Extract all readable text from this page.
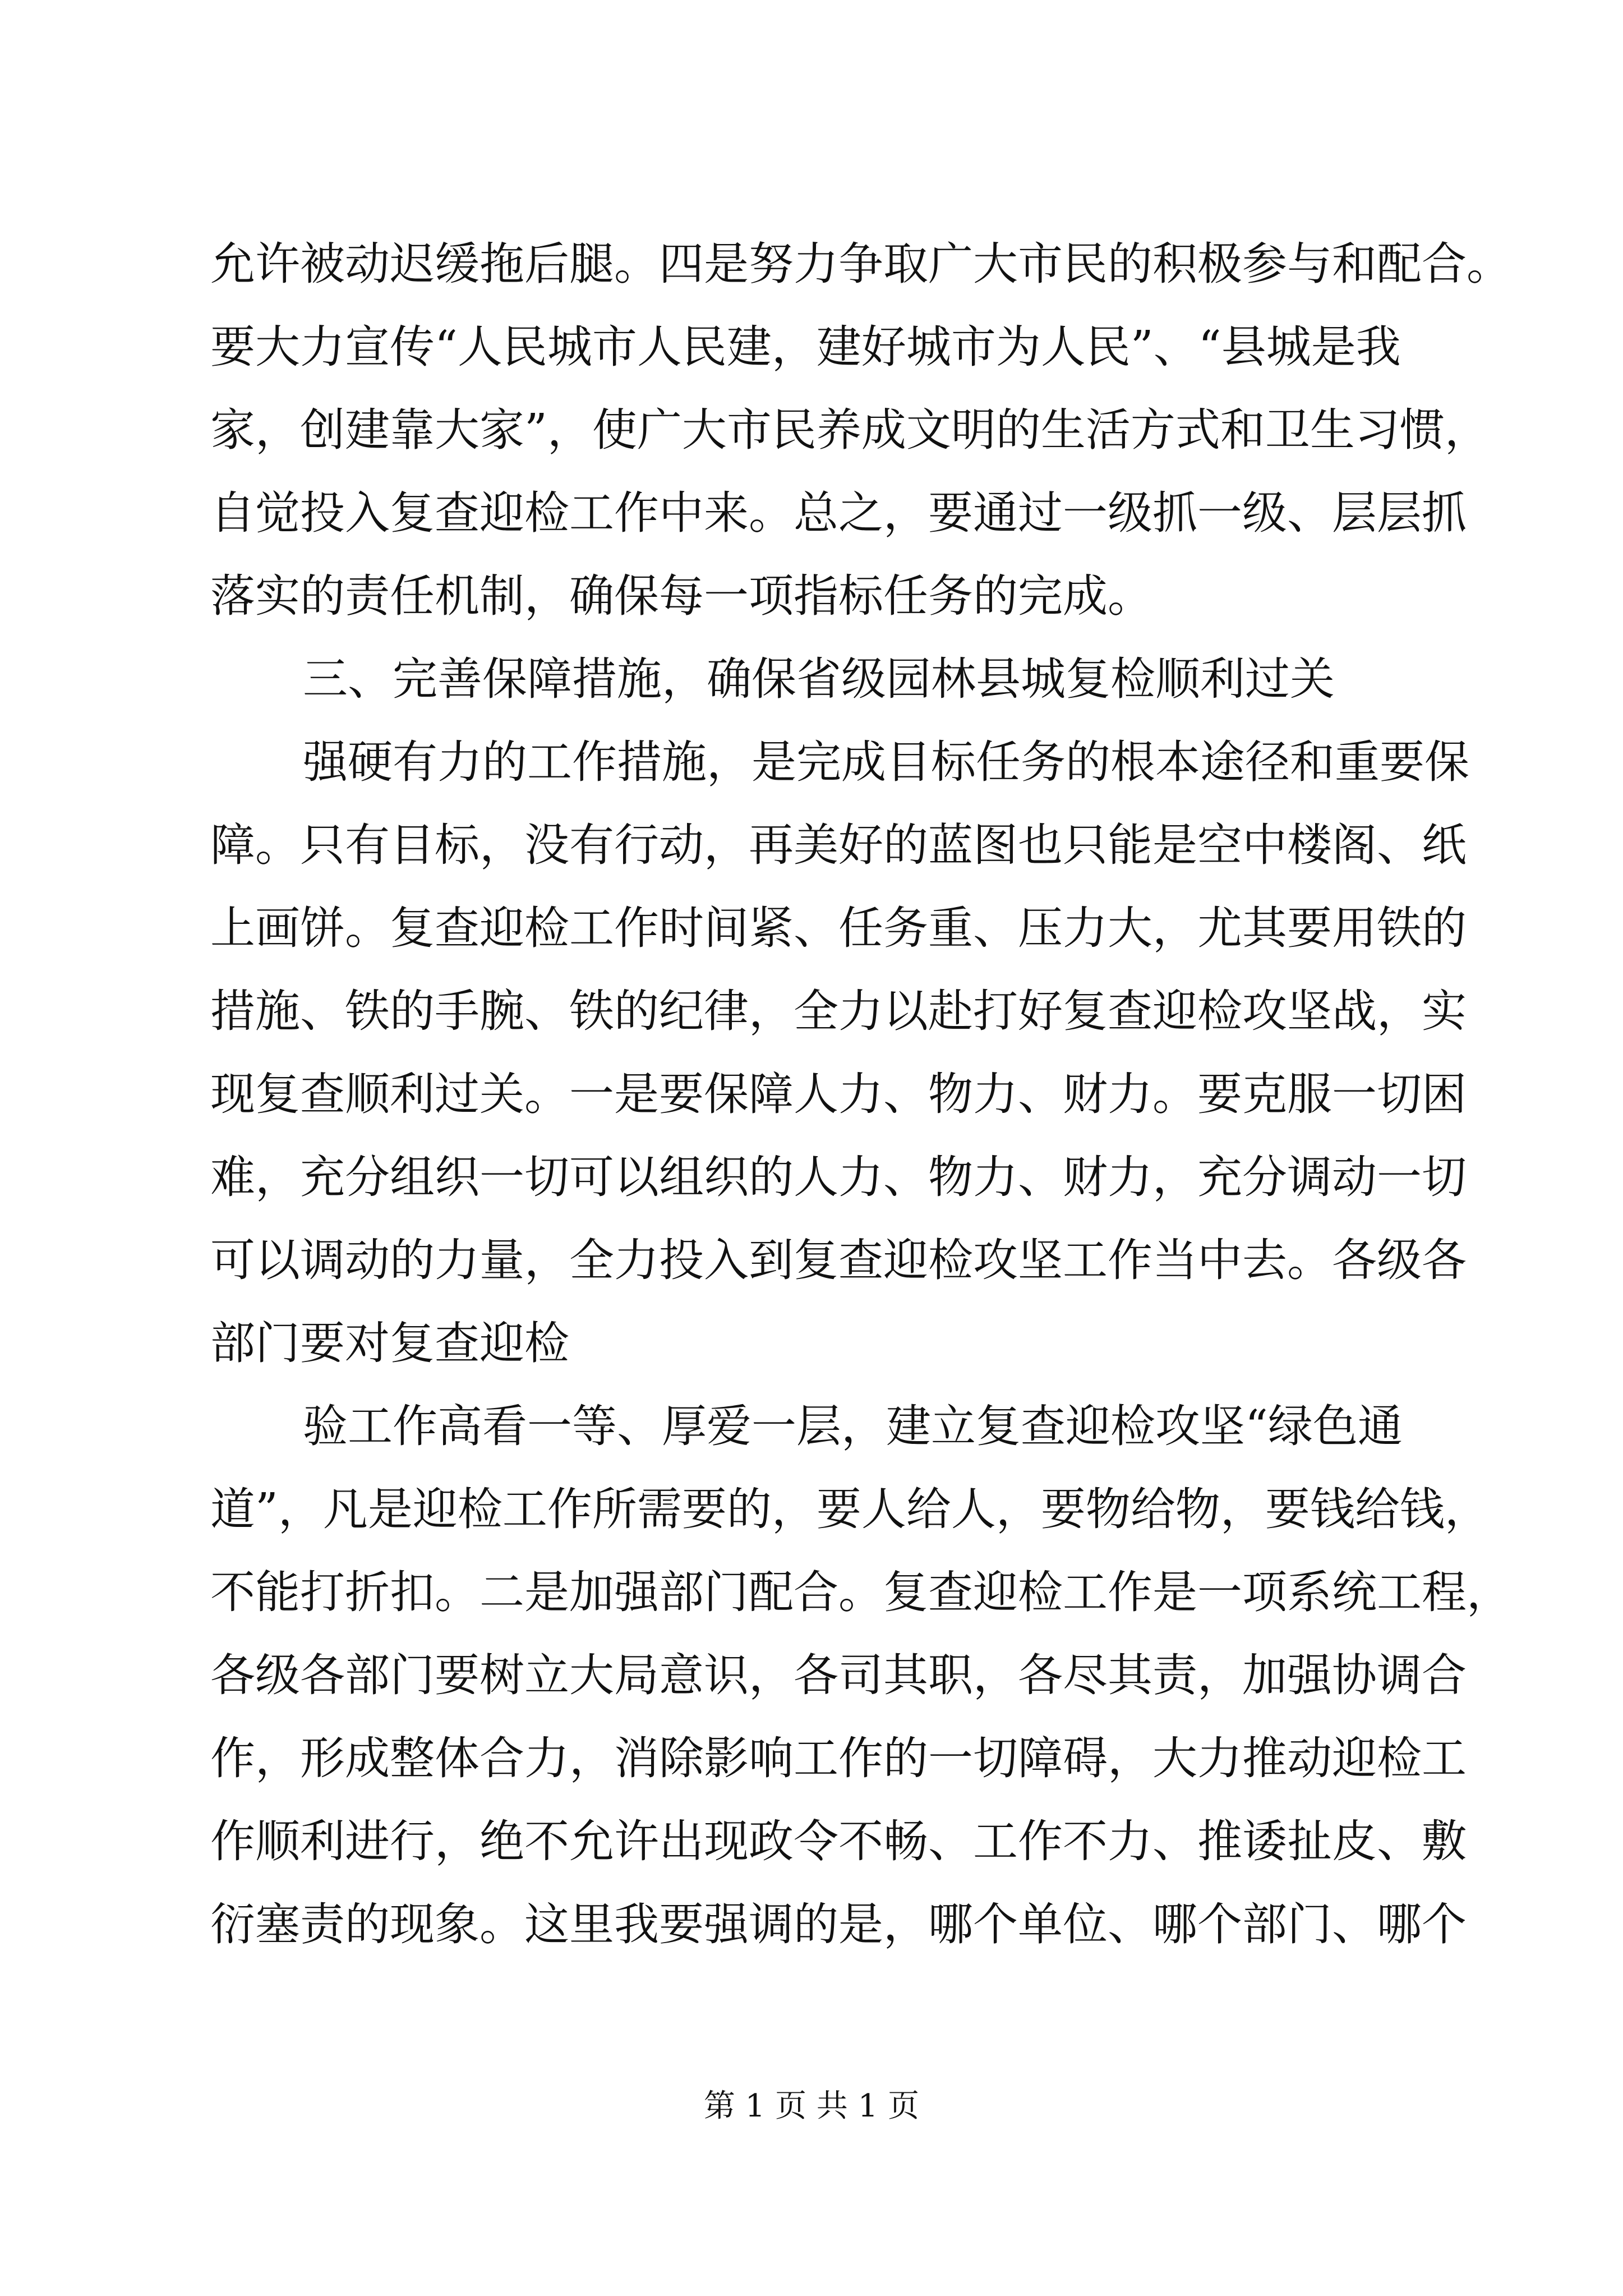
允许被动迟缓拖后腿。四是努力争取广大市民的积极参与和配合。
要大力宣传“人民城市人民建，建好城市为人民”、“县城是我
家，创建靠大家”，使广大市民养成文明的生活方式和卫生习惯，
自觉投入复查迎检工作中来。总之，要通过一级抓一级、层层抓
落实的责任机制，确保每一项指标任务的完成。
三、完善保障措施，确保省级园林县城复检顺利过关
强硬有力的工作措施，是完成目标任务的根本途径和重要保
障。只有目标，没有行动，再美好的蓝图也只能是空中楼阁、纸
上画饼。复查迎检工作时间紧、任务重、压力大，尤其要用铁的
措施、铁的手腕、铁的纪律，全力以赴打好复查迎检攻坚战，实
现复查顺利过关。一是要保障人力、物力、财力。要克服一切困
难，充分组织一切可以组织的人力、物力、财力，充分调动一切
可以调动的力量，全力投入到复查迎检攻坚工作当中去。各级各
部门要对复查迎检
验工作高看一等、厚爱一层，建立复查迎检攻坚“绿色通
道”，凡是迎检工作所需要的，要人给人，要物给物，要钱给钱，
不能打折扣。二是加强部门配合。复查迎检工作是一项系统工程，
各级各部门要树立大局意识，各司其职，各尽其责，加强协调合
作，形成整体合力，消除影响工作的一切障碍，大力推动迎检工
作顺利进行，绝不允许出现政令不畅、工作不力、推诿扯皮、敷
衍塞责的现象。这里我要强调的是，哪个单位、哪个部门、哪个
第 1 页 共 1 页
